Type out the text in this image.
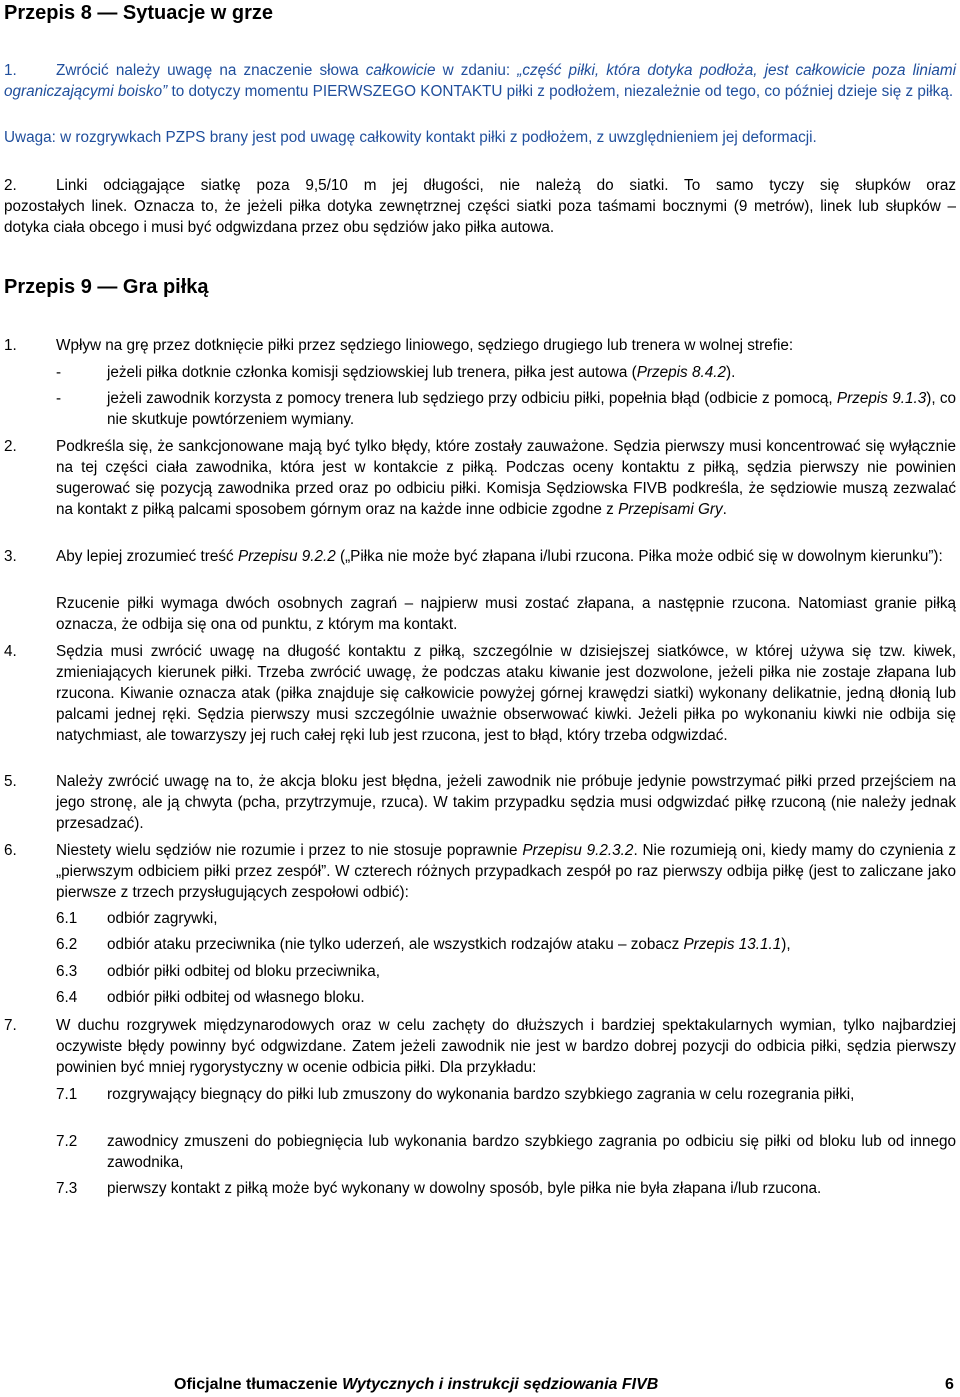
Przepis 8 — Sytuacje w grze
1.	Zwrócić należy uwagę na znaczenie słowa całkowicie w zdaniu: „część piłki, która dotyka podłoża, jest całkowicie poza liniami ograniczającymi boisko” to dotyczy momentu PIERWSZEGO KONTAKTU piłki z podłożem, niezależnie od tego, co później dzieje się z piłką.
Uwaga: w rozgrywkach PZPS brany jest pod uwagę całkowity kontakt piłki z podłożem, z uwzględnieniem jej deformacji.
2.	Linki odciągające siatkę poza 9,5/10 m jej długości, nie należą do siatki. To samo tyczy się słupków oraz
pozostałych linek. Oznacza to, że jeżeli piłka dotyka zewnętrznej części siatki poza taśmami bocznymi (9 metrów), linek lub słupków – dotyka ciała obcego i musi być odgwizdana przez obu sędziów jako piłka autowa.
Przepis 9 — Gra piłką
1.	Wpływ na grę przez dotknięcie piłki przez sędziego liniowego, sędziego drugiego lub trenera w wolnej strefie:
-	jeżeli piłka dotknie członka komisji sędziowskiej lub trenera, piłka jest autowa (Przepis 8.4.2).
-	jeżeli zawodnik korzysta z pomocy trenera lub sędziego przy odbiciu piłki, popełnia błąd (odbicie z pomocą, Przepis 9.1.3), co nie skutkuje powtórzeniem wymiany.
2.	Podkreśla się, że sankcjonowane mają być tylko błędy, które zostały zauważone. Sędzia pierwszy musi koncentrować się wyłącznie na tej części ciała zawodnika, która jest w kontakcie z piłką. Podczas oceny kontaktu z piłką, sędzia pierwszy nie powinien sugerować się pozycją zawodnika przed oraz po odbiciu piłki. Komisja Sędziowska FIVB podkreśla, że sędziowie muszą zezwalać na kontakt z piłką palcami sposobem górnym oraz na każde inne odbicie zgodne z Przepisami Gry.
3.	Aby lepiej zrozumieć treść Przepisu 9.2.2 („Piłka nie może być złapana i/lubi rzucona. Piłka może odbić się w dowolnym kierunku”):
Rzucenie piłki wymaga dwóch osobnych zagrań – najpierw musi zostać złapana, a następnie rzucona. Natomiast granie piłką oznacza, że odbija się ona od punktu, z którym ma kontakt.
4.	Sędzia musi zwrócić uwagę na długość kontaktu z piłką, szczególnie w dzisiejszej siatkówce, w której używa się tzw. kiwek, zmieniających kierunek piłki. Trzeba zwrócić uwagę, że podczas ataku kiwanie jest dozwolone, jeżeli piłka nie zostaje złapana lub rzucona. Kiwanie oznacza atak (piłka znajduje się całkowicie powyżej górnej krawędzi siatki) wykonany delikatnie, jedną dłonią lub palcami jednej ręki. Sędzia pierwszy musi szczególnie uważnie obserwować kiwki. Jeżeli piłka po wykonaniu kiwki nie odbija się natychmiast, ale towarzyszy jej ruch całej ręki lub jest rzucona, jest to błąd, który trzeba odgwizdać.
5.	Należy zwrócić uwagę na to, że akcja bloku jest błędna, jeżeli zawodnik nie próbuje jedynie powstrzymać piłki przed przejściem na jego stronę, ale ją chwyta (pcha, przytrzymuje, rzuca). W takim przypadku sędzia musi odgwizdać piłkę rzuconą (nie należy jednak przesadzać).
6.	Niestety wielu sędziów nie rozumie i przez to nie stosuje poprawnie Przepisu 9.2.3.2. Nie rozumieją oni, kiedy mamy do czynienia z „pierwszym odbiciem piłki przez zespół”. W czterech różnych przypadkach zespół po raz pierwszy odbija piłkę (jest to zaliczane jako pierwsze z trzech przysługujących zespołowi odbić):
6.1 odbiór zagrywki,
6.2 odbiór ataku przeciwnika (nie tylko uderzeń, ale wszystkich rodzajów ataku – zobacz Przepis 13.1.1),
6.3 odbiór piłki odbitej od bloku przeciwnika,
6.4 odbiór piłki odbitej od własnego bloku.
7.	W duchu rozgrywek międzynarodowych oraz w celu zachęty do dłuższych i bardziej spektakularnych wymian, tylko najbardziej oczywiste błędy powinny być odgwizdane. Zatem jeżeli zawodnik nie jest w bardzo dobrej pozycji do odbicia piłki, sędzia pierwszy powinien być mniej rygorystyczny w ocenie odbicia piłki. Dla przykładu:
7.1 rozgrywający biegnący do piłki lub zmuszony do wykonania bardzo szybkiego zagrania w celu rozegrania piłki,
7.2 zawodnicy zmuszeni do pobiegnięcia lub wykonania bardzo szybkiego zagrania po odbiciu się piłki od bloku lub od innego zawodnika,
7.3 pierwszy kontakt z piłką może być wykonany w dowolny sposób, byle piłka nie była złapana i/lub rzucona.
Oficjalne tłumaczenie Wytycznych i instrukcji sędziowania FIVB	6
